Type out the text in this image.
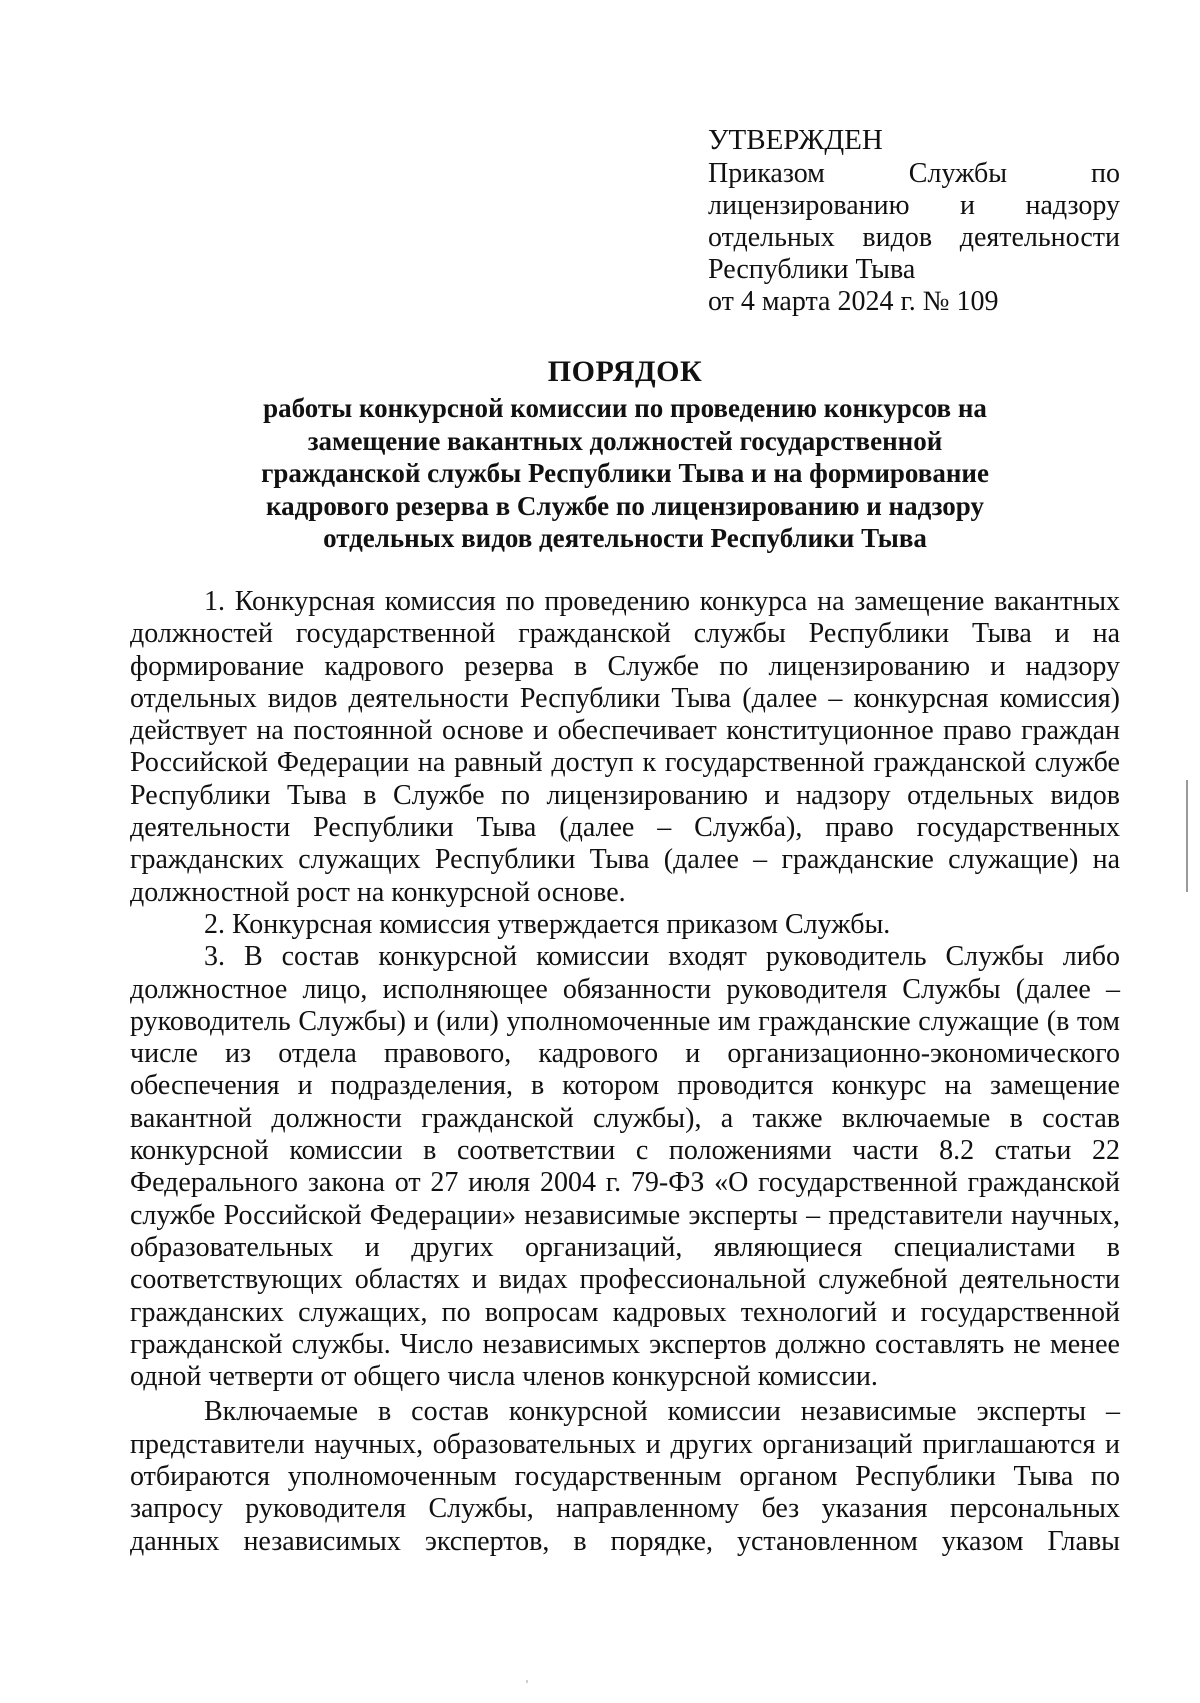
УТВЕРЖДЕН
Приказом Службы по лицензированию и надзору отдельных видов деятельности Республики Тыва
от 4 марта 2024 г. № 109
ПОРЯДОК
работы конкурсной комиссии по проведению конкурсов на замещение вакантных должностей государственной гражданской службы Республики Тыва и на формирование кадрового резерва в Службе по лицензированию и надзору отдельных видов деятельности Республики Тыва

1. Конкурсная комиссия по проведению конкурса на замещение вакантных должностей государственной гражданской службы Республики Тыва и на формирование кадрового резерва в Службе по лицензированию и надзору отдельных видов деятельности Республики Тыва (далее – конкурсная комиссия) действует на постоянной основе и обеспечивает конституционное право граждан Российской Федерации на равный доступ к государственной гражданской службе Республики Тыва в Службе по лицензированию и надзору отдельных видов деятельности Республики Тыва (далее – Служба), право государственных гражданских служащих Республики Тыва (далее – гражданские служащие) на должностной рост на конкурсной основе.

2. Конкурсная комиссия утверждается приказом Службы.

3. В состав конкурсной комиссии входят руководитель Службы либо должностное лицо, исполняющее обязанности руководителя Службы (далее – руководитель Службы) и (или) уполномоченные им гражданские служащие (в том числе из отдела правового, кадрового и организационно-экономического обеспечения и подразделения, в котором проводится конкурс на замещение вакантной должности гражданской службы), а также включаемые в состав конкурсной комиссии в соответствии с положениями части 8.2 статьи 22 Федерального закона от 27 июля 2004 г. 79-ФЗ «О государственной гражданской службе Российской Федерации» независимые эксперты – представители научных, образовательных и других организаций, являющиеся специалистами в соответствующих областях и видах профессиональной служебной деятельности гражданских служащих, по вопросам кадровых технологий и государственной гражданской службы. Число независимых экспертов должно составлять не менее одной четверти от общего числа членов конкурсной комиссии.

Включаемые в состав конкурсной комиссии независимые эксперты – представители научных, образовательных и других организаций приглашаются и отбираются уполномоченным государственным органом Республики Тыва по запросу руководителя Службы, направленному без указания персональных данных независимых экспертов, в порядке, установленном указом Главы
